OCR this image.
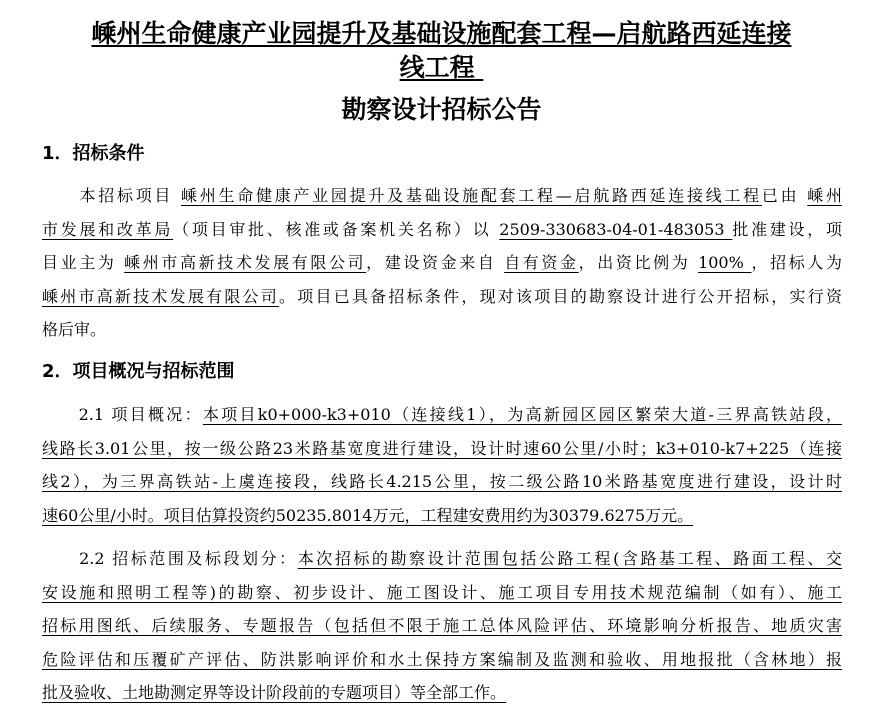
嵊州生命健康产业园提升及基础设施配套工程—启航路西延连接
线工程
勘察设计招标公告
1．招标条件
　　本招标项目 嵊州生命健康产业园提升及基础设施配套工程—启航路西延连接线工程已由 嵊州
市发展和改革局（项目审批、核准或备案机关名称）以 2509-330683-04-01-483053 批准建设，项
目业主为 嵊州市高新技术发展有限公司，建设资金来自 自有资金，出资比例为 100% ，招标人为
嵊州市高新技术发展有限公司。项目已具备招标条件，现对该项目的勘察设计进行公开招标，实行资
格后审。
2．项目概况与招标范围
　　2.1 项目概况：本项目k0+000-k3+010（连接线1），为高新园区园区繁荣大道-三界高铁站段，
线路长3.01公里，按一级公路23米路基宽度进行建设，设计时速60公里/小时；k3+010-k7+225（连接
线2），为三界高铁站-上虞连接段，线路长4.215公里，按二级公路10米路基宽度进行建设，设计时
速60公里/小时。项目估算投资约50235.8014万元，工程建安费用约为30379.6275万元。
　　2.2 招标范围及标段划分：本次招标的勘察设计范围包括公路工程(含路基工程、路面工程、交
安设施和照明工程等)的勘察、初步设计、施工图设计、施工项目专用技术规范编制（如有）、施工
招标用图纸、后续服务、专题报告（包括但不限于施工总体风险评估、环境影响分析报告、地质灾害
危险评估和压覆矿产评估、防洪影响评价和水土保持方案编制及监测和验收、用地报批（含林地）报
批及验收、土地勘测定界等设计阶段前的专题项目）等全部工作。
